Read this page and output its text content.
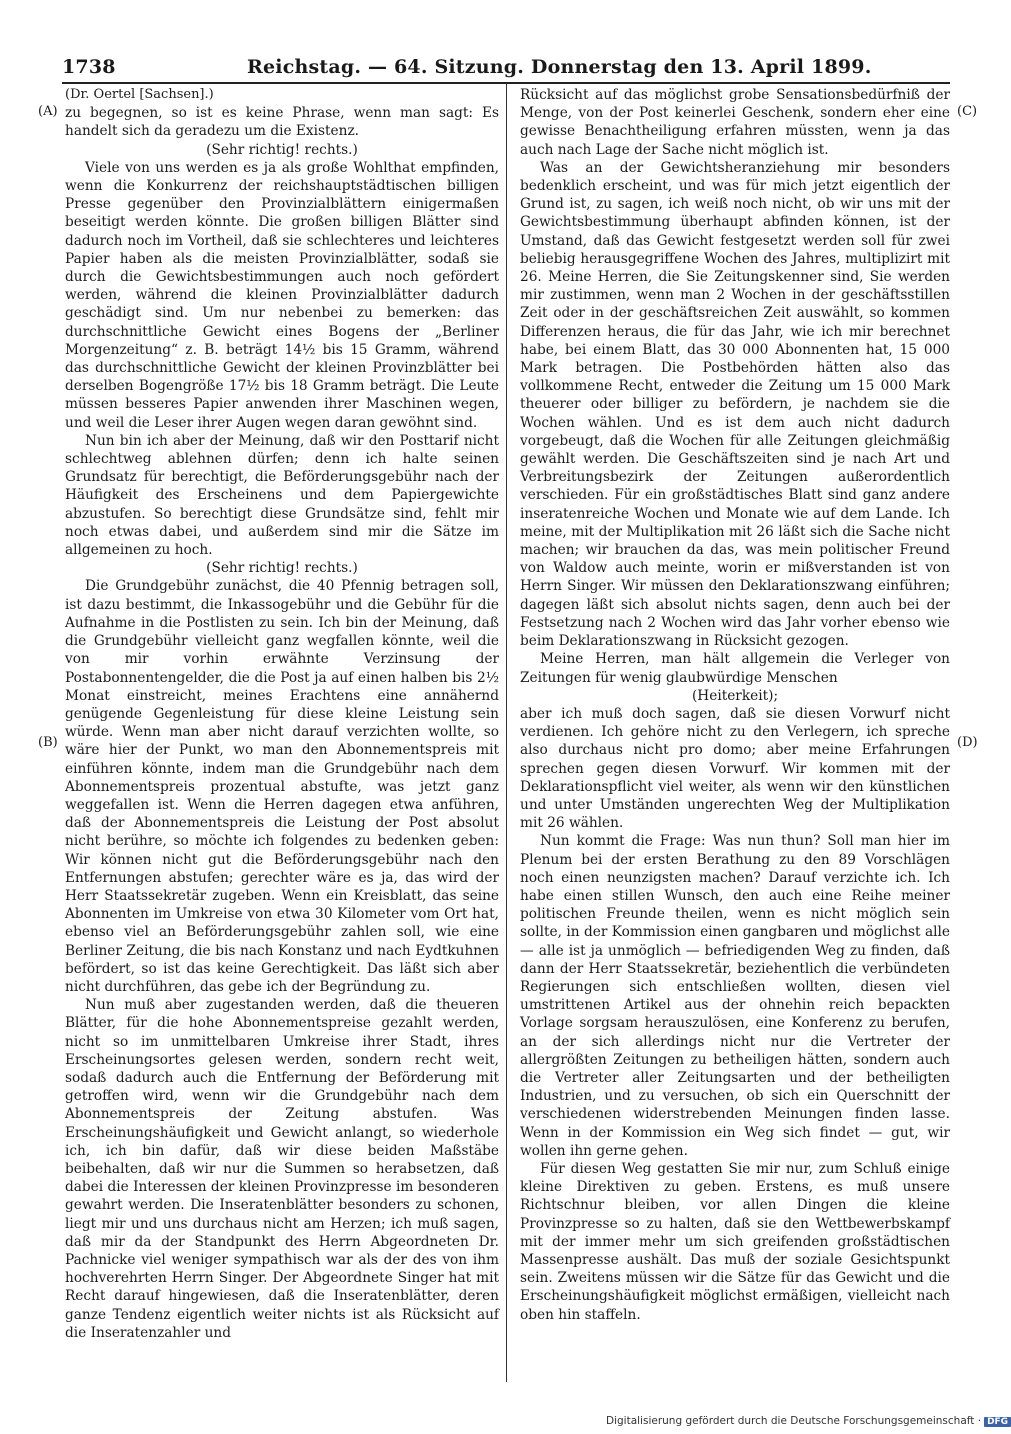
1738	Reichstag. — 64. Sitzung. Donnerstag den 13. April 1899.
(A)
(B)
(C)
(D)

(Dr. Oertel [Sachsen].)

zu begegnen, so ist es keine Phrase, wenn man sagt: Es handelt sich da geradezu um die Existenz.

(Sehr richtig! rechts.)

Viele von uns werden es ja als große Wohlthat empfinden, wenn die Konkurrenz der reichshauptstädtischen billigen Presse gegenüber den Provinzialblättern einigermaßen beseitigt werden könnte. Die großen billigen Blätter sind dadurch noch im Vortheil, daß sie schlechteres und leichteres Papier haben als die meisten Provinzialblätter, sodaß sie durch die Gewichtsbestimmungen auch noch gefördert werden, während die kleinen Provinzialblätter dadurch geschädigt sind. Um nur nebenbei zu bemerken: das durchschnittliche Gewicht eines Bogens der „Berliner Morgenzeitung“ z. B. beträgt 14½ bis 15 Gramm, während das durchschnittliche Gewicht der kleinen Provinzblätter bei derselben Bogengröße 17½ bis 18 Gramm beträgt. Die Leute müssen besseres Papier anwenden ihrer Maschinen wegen, und weil die Leser ihrer Augen wegen daran gewöhnt sind.

Nun bin ich aber der Meinung, daß wir den Posttarif nicht schlechtweg ablehnen dürfen; denn ich halte seinen Grundsatz für berechtigt, die Beförderungsgebühr nach der Häufigkeit des Erscheinens und dem Papiergewichte abzustufen. So berechtigt diese Grundsätze sind, fehlt mir noch etwas dabei, und außerdem sind mir die Sätze im allgemeinen zu hoch.

(Sehr richtig! rechts.)

Die Grundgebühr zunächst, die 40 Pfennig betragen soll, ist dazu bestimmt, die Inkassogebühr und die Gebühr für die Aufnahme in die Postlisten zu sein. Ich bin der Meinung, daß die Grundgebühr vielleicht ganz wegfallen könnte, weil die von mir vorhin erwähnte Verzinsung der Postabonnentengelder, die die Post ja auf einen halben bis 2½ Monat einstreicht, meines Erachtens eine annähernd genügende Gegenleistung für diese kleine Leistung sein würde. Wenn man aber nicht darauf verzichten wollte, so wäre hier der Punkt, wo man den Abonnementspreis mit einführen könnte, indem man die Grundgebühr nach dem Abonnementspreis prozentual abstufte, was jetzt ganz weggefallen ist. Wenn die Herren dagegen etwa anführen, daß der Abonnementspreis die Leistung der Post absolut nicht berühre, so möchte ich folgendes zu bedenken geben: Wir können nicht gut die Beförderungsgebühr nach den Entfernungen abstufen; gerechter wäre es ja, das wird der Herr Staatssekretär zugeben. Wenn ein Kreisblatt, das seine Abonnenten im Umkreise von etwa 30 Kilometer vom Ort hat, ebenso viel an Beförderungsgebühr zahlen soll, wie eine Berliner Zeitung, die bis nach Konstanz und nach Eydtkuhnen befördert, so ist das keine Gerechtigkeit. Das läßt sich aber nicht durchführen, das gebe ich der Begründung zu.

Nun muß aber zugestanden werden, daß die theueren Blätter, für die hohe Abonnementspreise gezahlt werden, nicht so im unmittelbaren Umkreise ihrer Stadt, ihres Erscheinungsortes gelesen werden, sondern recht weit, sodaß dadurch auch die Entfernung der Beförderung mit getroffen wird, wenn wir die Grundgebühr nach dem Abonnementspreis der Zeitung abstufen. Was Erscheinungshäufigkeit und Gewicht anlangt, so wiederhole ich, ich bin dafür, daß wir diese beiden Maßstäbe beibehalten, daß wir nur die Summen so herabsetzen, daß dabei die Interessen der kleinen Provinzpresse im besonderen gewahrt werden. Die Inseratenblätter besonders zu schonen, liegt mir und uns durchaus nicht am Herzen; ich muß sagen, daß mir da der Standpunkt des Herrn Abgeordneten Dr. Pachnicke viel weniger sympathisch war als der des von ihm hochverehrten Herrn Singer. Der Abgeordnete Singer hat mit Recht darauf hingewiesen, daß die Inseratenblätter, deren ganze Tendenz eigentlich weiter nichts ist als Rücksicht auf die Inseratenzahler und

Rücksicht auf das möglichst grobe Sensationsbedürfniß der Menge, von der Post keinerlei Geschenk, sondern eher eine gewisse Benachtheiligung erfahren müssten, wenn ja das auch nach Lage der Sache nicht möglich ist.

Was an der Gewichtsheranziehung mir besonders bedenklich erscheint, und was für mich jetzt eigentlich der Grund ist, zu sagen, ich weiß noch nicht, ob wir uns mit der Gewichtsbestimmung überhaupt abfinden können, ist der Umstand, daß das Gewicht festgesetzt werden soll für zwei beliebig herausgegriffene Wochen des Jahres, multiplizirt mit 26. Meine Herren, die Sie Zeitungskenner sind, Sie werden mir zustimmen, wenn man 2 Wochen in der geschäftsstillen Zeit oder in der geschäftsreichen Zeit auswählt, so kommen Differenzen heraus, die für das Jahr, wie ich mir berechnet habe, bei einem Blatt, das 30 000 Abonnenten hat, 15 000 Mark betragen. Die Postbehörden hätten also das vollkommene Recht, entweder die Zeitung um 15 000 Mark theuerer oder billiger zu befördern, je nachdem sie die Wochen wählen. Und es ist dem auch nicht dadurch vorgebeugt, daß die Wochen für alle Zeitungen gleichmäßig gewählt werden. Die Geschäftszeiten sind je nach Art und Verbreitungsbezirk der Zeitungen außerordentlich verschieden. Für ein großstädtisches Blatt sind ganz andere inseratenreiche Wochen und Monate wie auf dem Lande. Ich meine, mit der Multiplikation mit 26 läßt sich die Sache nicht machen; wir brauchen da das, was mein politischer Freund von Waldow auch meinte, worin er mißverstanden ist von Herrn Singer. Wir müssen den Deklarationszwang einführen; dagegen läßt sich absolut nichts sagen, denn auch bei der Festsetzung nach 2 Wochen wird das Jahr vorher ebenso wie beim Deklarationszwang in Rücksicht gezogen.

Meine Herren, man hält allgemein die Verleger von Zeitungen für wenig glaubwürdige Menschen

(Heiterkeit);

aber ich muß doch sagen, daß sie diesen Vorwurf nicht verdienen. Ich gehöre nicht zu den Verlegern, ich spreche also durchaus nicht pro domo; aber meine Erfahrungen sprechen gegen diesen Vorwurf. Wir kommen mit der Deklarationspflicht viel weiter, als wenn wir den künstlichen und unter Umständen ungerechten Weg der Multiplikation mit 26 wählen.

Nun kommt die Frage: Was nun thun? Soll man hier im Plenum bei der ersten Berathung zu den 89 Vorschlägen noch einen neunzigsten machen? Darauf verzichte ich. Ich habe einen stillen Wunsch, den auch eine Reihe meiner politischen Freunde theilen, wenn es nicht möglich sein sollte, in der Kommission einen gangbaren und möglichst alle — alle ist ja unmöglich — befriedigenden Weg zu finden, daß dann der Herr Staatssekretär, beziehentlich die verbündeten Regierungen sich entschließen wollten, diesen viel umstrittenen Artikel aus der ohnehin reich bepackten Vorlage sorgsam herauszulösen, eine Konferenz zu berufen, an der sich allerdings nicht nur die Vertreter der allergrößten Zeitungen zu betheiligen hätten, sondern auch die Vertreter aller Zeitungsarten und der betheiligten Industrien, und zu versuchen, ob sich ein Querschnitt der verschiedenen widerstrebenden Meinungen finden lasse. Wenn in der Kommission ein Weg sich findet — gut, wir wollen ihn gerne gehen.

Für diesen Weg gestatten Sie mir nur, zum Schluß einige kleine Direktiven zu geben. Erstens, es muß unsere Richtschnur bleiben, vor allen Dingen die kleine Provinzpresse so zu halten, daß sie den Wettbewerbskampf mit der immer mehr um sich greifenden großstädtischen Massenpresse aushält. Das muß der soziale Gesichtspunkt sein. Zweitens müssen wir die Sätze für das Gewicht und die Erscheinungshäufigkeit möglichst ermäßigen, vielleicht nach oben hin staffeln.

Digitalisierung gefördert durch die Deutsche Forschungsgemeinschaft · DFG
